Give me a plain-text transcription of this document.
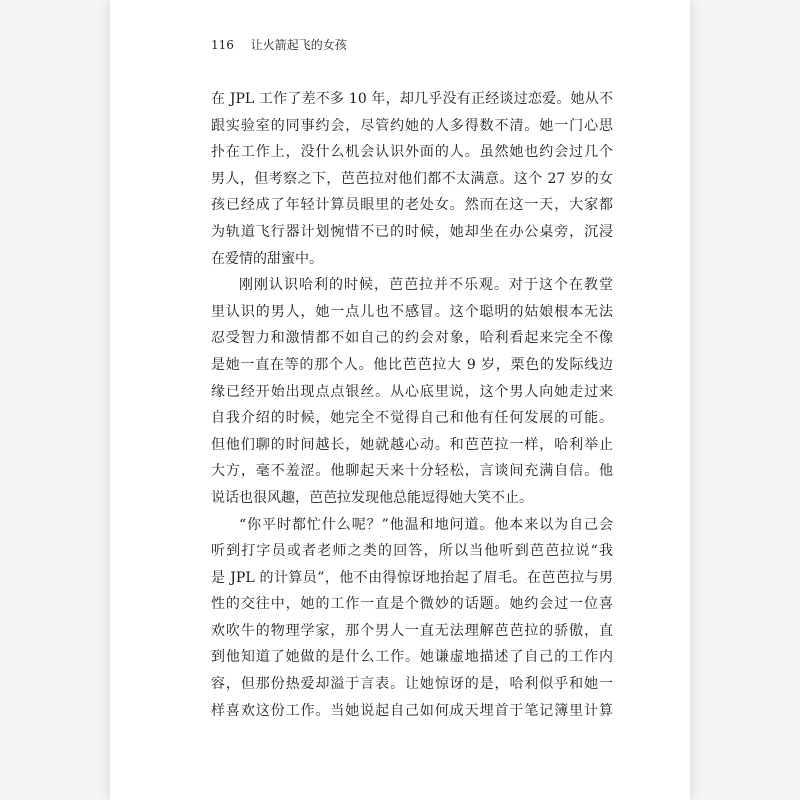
116 让火箭起飞的女孩
在 JPL 工作了差不多 10 年，却几乎没有正经谈过恋爱。她从不
跟实验室的同事约会，尽管约她的人多得数不清。她一门心思
扑在工作上，没什么机会认识外面的人。虽然她也约会过几个
男人，但考察之下，芭芭拉对他们都不太满意。这个 27 岁的女
孩已经成了年轻计算员眼里的老处女。然而在这一天，大家都
为轨道飞行器计划惋惜不已的时候，她却坐在办公桌旁，沉浸
在爱情的甜蜜中。
刚刚认识哈利的时候，芭芭拉并不乐观。对于这个在教堂
里认识的男人，她一点儿也不感冒。这个聪明的姑娘根本无法
忍受智力和激情都不如自己的约会对象，哈利看起来完全不像
是她一直在等的那个人。他比芭芭拉大 9 岁，栗色的发际线边
缘已经开始出现点点银丝。从心底里说，这个男人向她走过来
自我介绍的时候，她完全不觉得自己和他有任何发展的可能。
但他们聊的时间越长，她就越心动。和芭芭拉一样，哈利举止
大方，毫不羞涩。他聊起天来十分轻松，言谈间充满自信。他
说话也很风趣，芭芭拉发现他总能逗得她大笑不止。
“你平时都忙什么呢？”他温和地问道。他本来以为自己会
听到打字员或者老师之类的回答，所以当他听到芭芭拉说“我
是 JPL 的计算员”，他不由得惊讶地抬起了眉毛。在芭芭拉与男
性的交往中，她的工作一直是个微妙的话题。她约会过一位喜
欢吹牛的物理学家，那个男人一直无法理解芭芭拉的骄傲，直
到他知道了她做的是什么工作。她谦虚地描述了自己的工作内
容，但那份热爱却溢于言表。让她惊讶的是，哈利似乎和她一
样喜欢这份工作。当她说起自己如何成天埋首于笔记簿里计算
